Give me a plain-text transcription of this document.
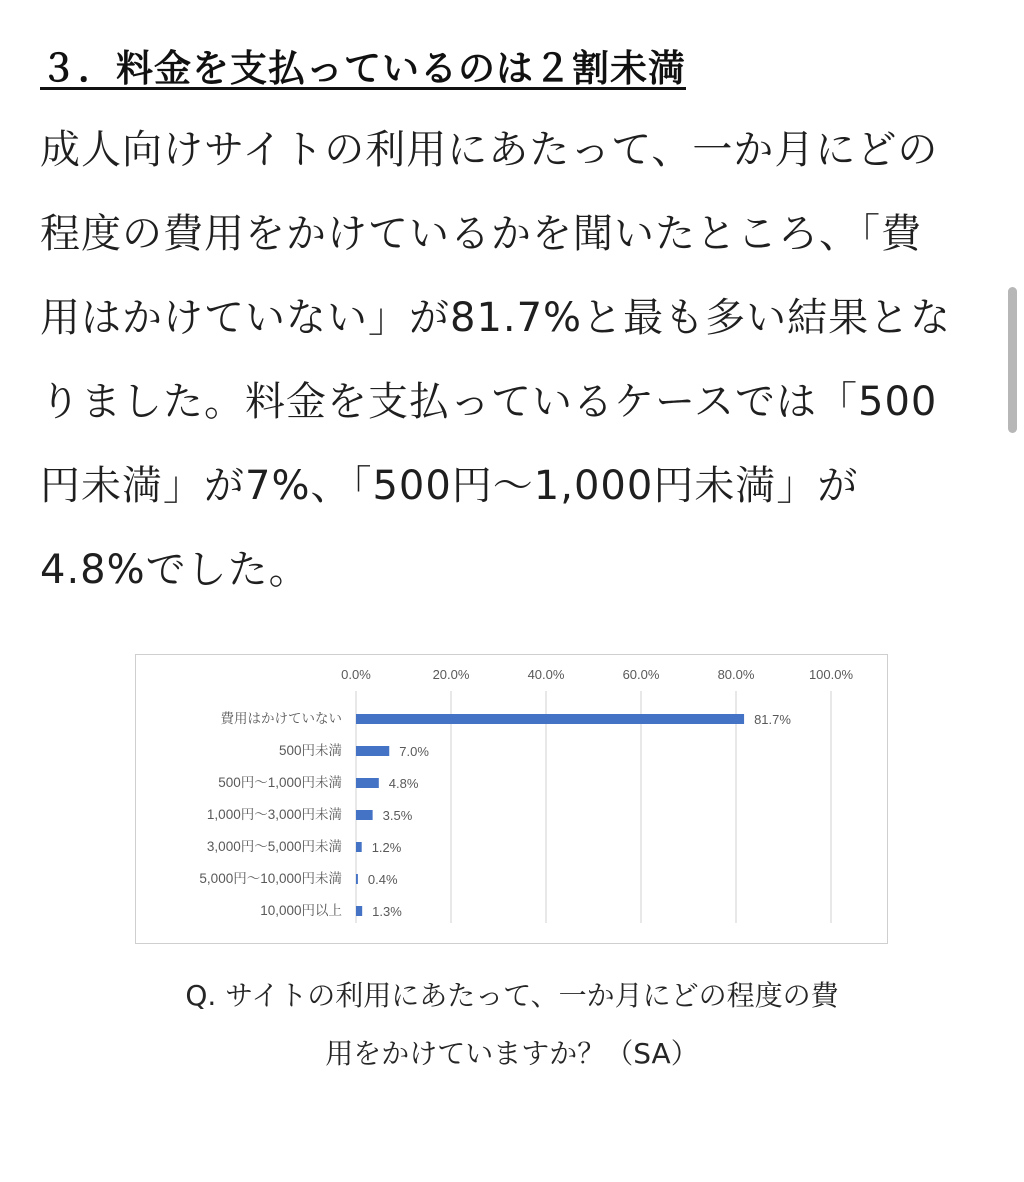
３．料金を支払っているのは２割未満
成人向けサイトの利用にあたって、一か月にどの
程度の費用をかけているかを聞いたところ、「費
用はかけていない」が81.7%と最も多い結果とな
りました。料金を支払っているケースでは「500
円未満」が7%、「500円〜1,000円未満」が
4.8%でした。
0.0%	20.0%	40.0%	60.0%	80.0%	100.0%
費用はかけていない	81.7%
500円未満	7.0%
500円〜1,000円未満	4.8%
1,000円〜3,000円未満	3.5%
3,000円〜5,000円未満 1.2%
5,000円〜10,000円未満 0.4%
10,000円以上 1.3%
Q. サイトの利用にあたって、一か月にどの程度の費
用をかけていますか？（SA）
